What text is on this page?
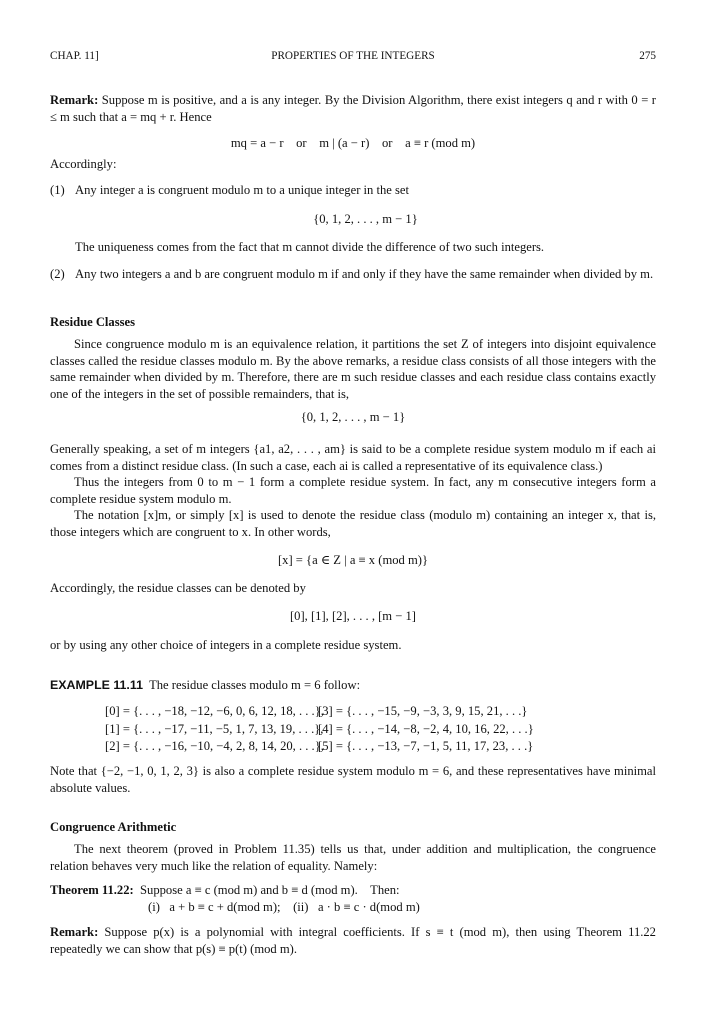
CHAP. 11]	PROPERTIES OF THE INTEGERS	275
Remark: Suppose m is positive, and a is any integer. By the Division Algorithm, there exist integers q and r with 0 = r ≤ m such that a = mq + r. Hence
mq = a − r    or    m | (a − r)    or    a ≡ r (mod m)
Accordingly:
(1) Any integer a is congruent modulo m to a unique integer in the set
{0, 1, 2, . . . , m − 1}
The uniqueness comes from the fact that m cannot divide the difference of two such integers.
(2) Any two integers a and b are congruent modulo m if and only if they have the same remainder when divided by m.
Residue Classes
Since congruence modulo m is an equivalence relation, it partitions the set Z of integers into disjoint equivalence classes called the residue classes modulo m. By the above remarks, a residue class consists of all those integers with the same remainder when divided by m. Therefore, there are m such residue classes and each residue class contains exactly one of the integers in the set of possible remainders, that is,
{0, 1, 2, . . . , m − 1}
Generally speaking, a set of m integers {a1, a2, . . . , am} is said to be a complete residue system modulo m if each ai comes from a distinct residue class. (In such a case, each ai is called a representative of its equivalence class.)
Thus the integers from 0 to m − 1 form a complete residue system. In fact, any m consecutive integers form a complete residue system modulo m.
The notation [x]m, or simply [x] is used to denote the residue class (modulo m) containing an integer x, that is, those integers which are congruent to x. In other words,
[x] = {a ∈ Z | a ≡ x (mod m)}
Accordingly, the residue classes can be denoted by
[0], [1], [2], . . . , [m − 1]
or by using any other choice of integers in a complete residue system.
EXAMPLE 11.11 The residue classes modulo m = 6 follow:
[0] = {. . . , −18, −12, −6, 0, 6, 12, 18, . . .},[3] = {. . . , −15, −9, −3, 3, 9, 15, 21, . . .}
[1] = {. . . , −17, −11, −5, 1, 7, 13, 19, . . .},[4] = {. . . , −14, −8, −2, 4, 10, 16, 22, . . .}
[2] = {. . . , −16, −10, −4, 2, 8, 14, 20, . . .},[5] = {. . . , −13, −7, −1, 5, 11, 17, 23, . . .}
Note that {−2, −1, 0, 1, 2, 3} is also a complete residue system modulo m = 6, and these representatives have minimal absolute values.
Congruence Arithmetic
The next theorem (proved in Problem 11.35) tells us that, under addition and multiplication, the congruence relation behaves very much like the relation of equality. Namely:
Theorem 11.22: Suppose a ≡ c (mod m) and b ≡ d (mod m).    Then:
(i)   a + b ≡ c + d(mod m);    (ii)   a · b ≡ c · d(mod m)
Remark: Suppose p(x) is a polynomial with integral coefficients. If s ≡ t (mod m), then using Theorem 11.22 repeatedly we can show that p(s) ≡ p(t) (mod m).
